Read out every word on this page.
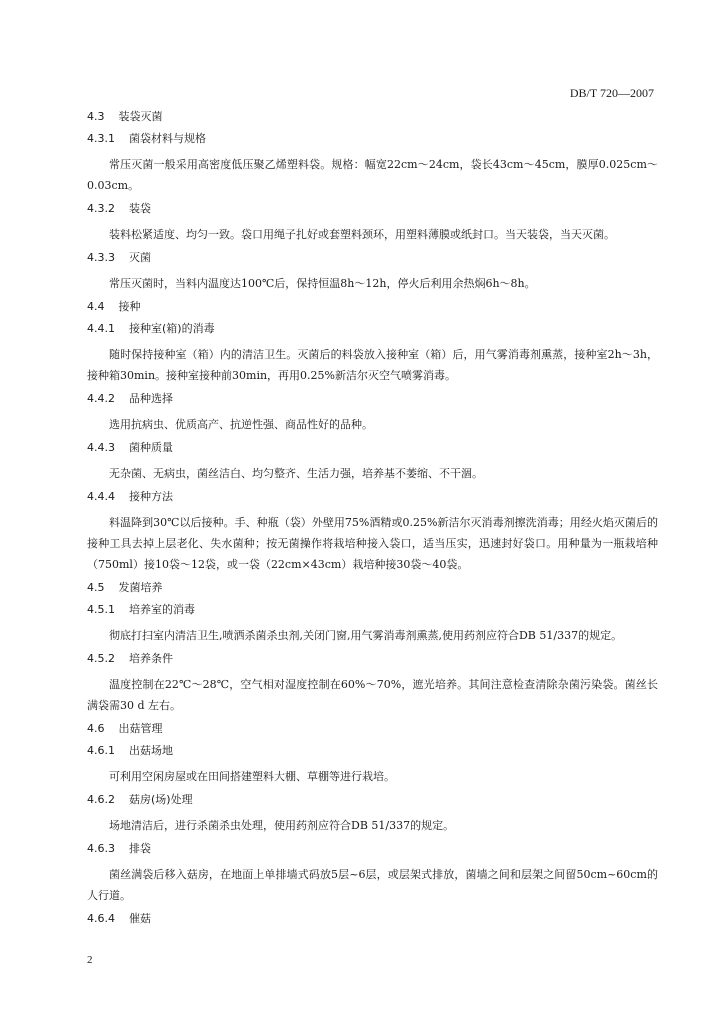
DB/T 720—2007
4.3 装袋灭菌
4.3.1 菌袋材料与规格

常压灭菌一般采用高密度低压聚乙烯塑料袋。规格：幅宽22cm～24cm，袋长43cm～45cm，膜厚0.025cm～0.03cm。

4.3.2 装袋

装料松紧适度、均匀一致。袋口用绳子扎好或套塑料颈环，用塑料薄膜或纸封口。当天装袋，当天灭菌。

4.3.3 灭菌

常压灭菌时，当料内温度达100℃后，保持恒温8h～12h，停火后利用余热焖6h～8h。

4.4 接种
4.4.1 接种室(箱)的消毒

随时保持接种室（箱）内的清洁卫生。灭菌后的料袋放入接种室（箱）后，用气雾消毒剂熏蒸，接种室2h～3h，接种箱30min。接种室接种前30min，再用0.25%新洁尔灭空气喷雾消毒。

4.4.2 品种选择

选用抗病虫、优质高产、抗逆性强、商品性好的品种。

4.4.3 菌种质量

无杂菌、无病虫，菌丝洁白、均匀整齐、生活力强，培养基不萎缩、不干涸。

4.4.4 接种方法

料温降到30℃以后接种。手、种瓶（袋）外壁用75%酒精或0.25%新洁尔灭消毒剂擦洗消毒；用经火焰灭菌后的接种工具去掉上层老化、失水菌种；按无菌操作将栽培种接入袋口，适当压实，迅速封好袋口。用种量为一瓶栽培种（750ml）接10袋～12袋，或一袋（22cm×43cm）栽培种接30袋～40袋。

4.5 发菌培养
4.5.1 培养室的消毒

彻底打扫室内清洁卫生,喷洒杀菌杀虫剂,关闭门窗,用气雾消毒剂熏蒸,使用药剂应符合DB 51/337的规定。

4.5.2 培养条件

温度控制在22℃～28℃，空气相对湿度控制在60%～70%，遮光培养。其间注意检查清除杂菌污染袋。菌丝长满袋需30 d 左右。

4.6 出菇管理
4.6.1 出菇场地

可利用空闲房屋或在田间搭建塑料大棚、草棚等进行栽培。

4.6.2 菇房(场)处理

场地清洁后，进行杀菌杀虫处理，使用药剂应符合DB 51/337的规定。

4.6.3 排袋

菌丝满袋后移入菇房，在地面上单排墙式码放5层~6层，或层架式排放，菌墙之间和层架之间留50cm~60cm的人行道。

4.6.4 催菇
2
